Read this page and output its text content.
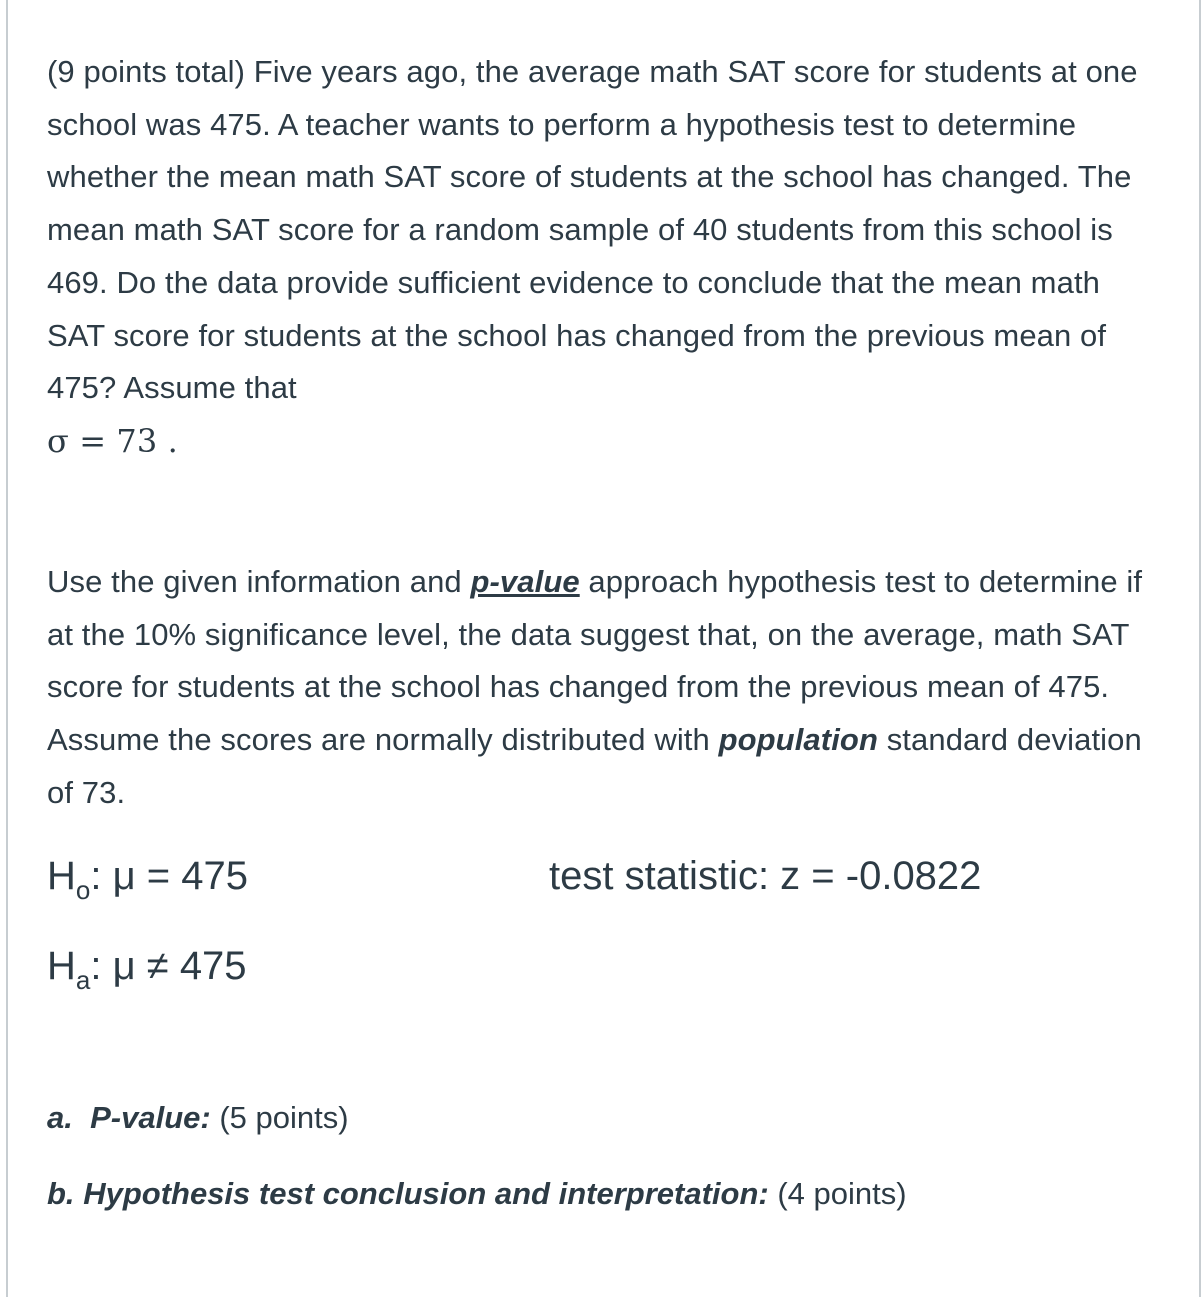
(9 points total) Five years ago, the average math SAT score for students at one school was 475. A teacher wants to perform a hypothesis test to determine whether the mean math SAT score of students at the school has changed. The mean math SAT score for a random sample of 40 students from this school is 469. Do the data provide sufficient evidence to conclude that the mean math SAT score for students at the school has changed from the previous mean of 475? Assume that
σ = 73 .

Use the given information and p-value approach hypothesis test to determine if at the 10% significance level, the data suggest that, on the average, math SAT score for students at the school has changed from the previous mean of 475. Assume the scores are normally distributed with population standard deviation of 73.

$H_o$: μ = 475	test statistic: z = -0.0822
$H_a$: μ ≠ 475
a. P-value: (5 points)
b. Hypothesis test conclusion and interpretation: (4 points)
